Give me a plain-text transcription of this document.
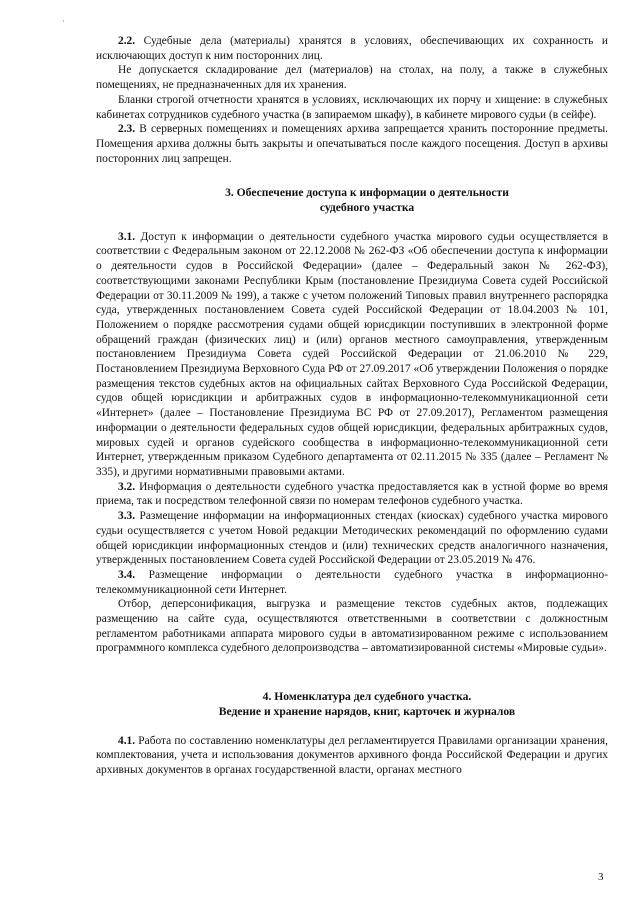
·

2.2. Судебные дела (материалы) хранятся в условиях, обеспечивающих их сохранность и исключающих доступ к ним посторонних лиц.

Не допускается складирование дел (материалов) на столах, на полу, а также в служебных помещениях, не предназначенных для их хранения.

Бланки строгой отчетности хранятся в условиях, исключающих их порчу и хищение: в служебных кабинетах сотрудников судебного участка (в запираемом шкафу), в кабинете мирового судьи (в сейфе).

2.3. В серверных помещениях и помещениях архива запрещается хранить посторонние предметы. Помещения архива должны быть закрыты и опечатываться после каждого посещения. Доступ в архивы посторонних лиц запрещен.

3. Обеспечение доступа к информации о деятельности

судебного участка

3.1. Доступ к информации о деятельности судебного участка мирового судьи осуществляется в соответствии с Федеральным законом от 22.12.2008 № 262-ФЗ «Об обеспечении доступа к информации о деятельности судов в Российской Федерации» (далее – Федеральный закон № 262-ФЗ), соответствующими законами Республики Крым (постановление Президиума Совета судей Российской Федерации от 30.11.2009 № 199), а также с учетом положений Типовых правил внутреннего распорядка суда, утвержденных постановлением Совета судей Российской Федерации от 18.04.2003 № 101, Положением о порядке рассмотрения судами общей юрисдикции поступивших в электронной форме обращений граждан (физических лиц) и (или) органов местного самоуправления, утвержденным постановлением Президиума Совета судей Российской Федерации от 21.06.2010 № 229, Постановлением Президиума Верховного Суда РФ от 27.09.2017 «Об утверждении Положения о порядке размещения текстов судебных актов на официальных сайтах Верховного Суда Российской Федерации, судов общей юрисдикции и арбитражных судов в информационно-телекоммуникационной сети «Интернет» (далее – Постановление Президиума ВС РФ от 27.09.2017), Регламентом размещения информации о деятельности федеральных судов общей юрисдикции, федеральных арбитражных судов, мировых судей и органов судейского сообщества в информационно-телекоммуникационной сети Интернет, утвержденным приказом Судебного департамента от 02.11.2015 № 335 (далее – Регламент № 335), и другими нормативными правовыми актами.

3.2. Информация о деятельности судебного участка предоставляется как в устной форме во время приема, так и посредством телефонной связи по номерам телефонов судебного участка.

3.3. Размещение информации на информационных стендах (киосках) судебного участка мирового судьи осуществляется с учетом Новой редакции Методических рекомендаций по оформлению судами общей юрисдикции информационных стендов и (или) технических средств аналогичного назначения, утвержденных постановлением Совета судей Российской Федерации от 23.05.2019 № 476.

3.4. Размещение информации о деятельности судебного участка в информационно-телекоммуникационной сети Интернет.

Отбор, деперсонификация, выгрузка и размещение текстов судебных актов, подлежащих размещению на сайте суда, осуществляются ответственными в соответствии с должностным регламентом работниками аппарата мирового судьи в автоматизированном режиме с использованием программного комплекса судебного делопроизводства – автоматизированной системы «Мировые судьи».

4. Номенклатура дел судебного участка.

Ведение и хранение нарядов, книг, карточек и журналов

4.1. Работа по составлению номенклатуры дел регламентируется Правилами организации хранения, комплектования, учета и использования документов архивного фонда Российской Федерации и других архивных документов в органах государственной власти, органах местного

3
